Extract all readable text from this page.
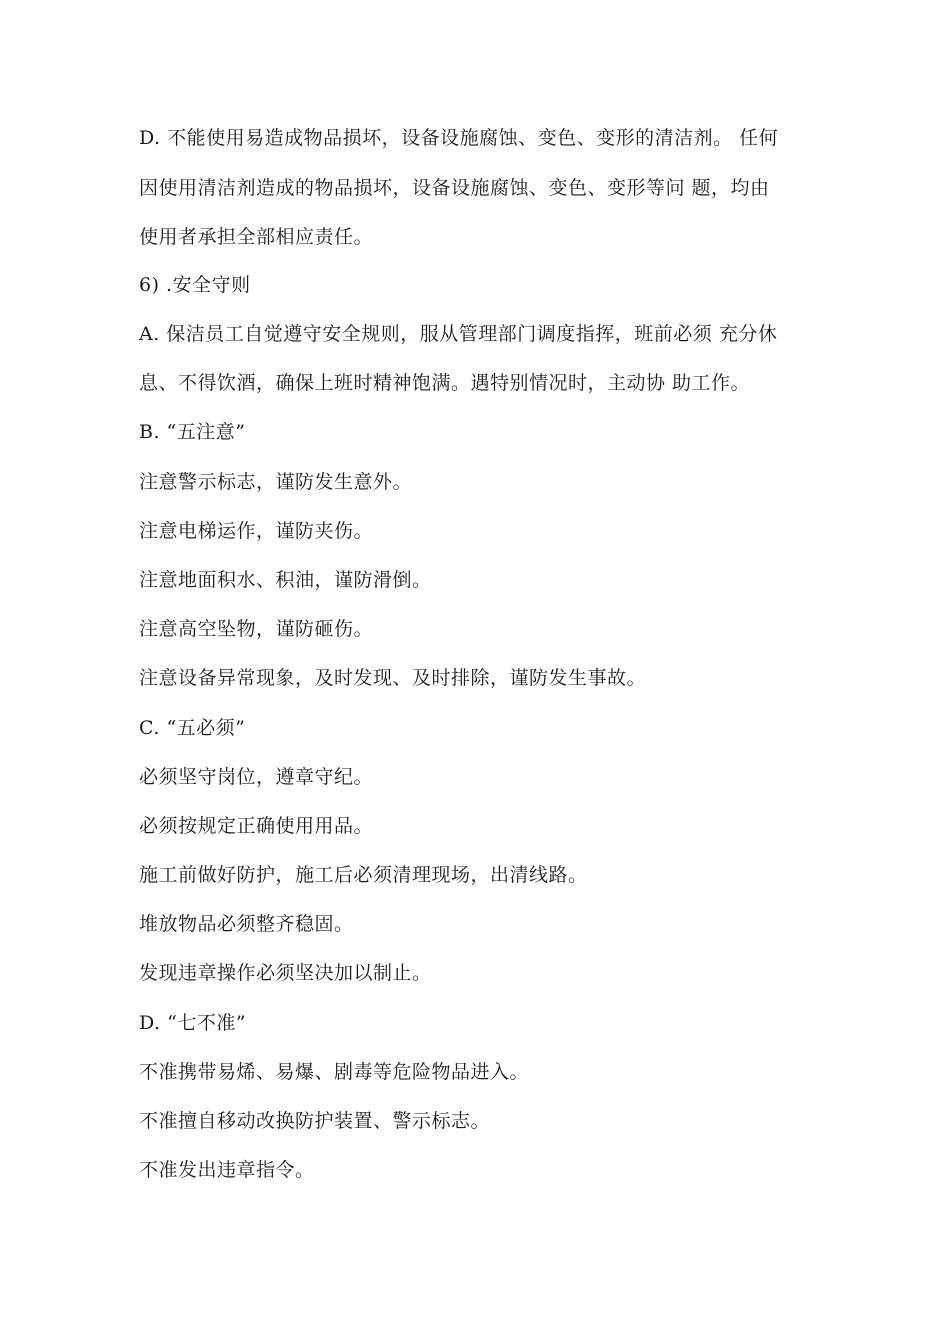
D. 不能使用易造成物品损坏，设备设施腐蚀、变色、变形的清洁剂。 任何
因使用清洁剂造成的物品损坏，设备设施腐蚀、变色、变形等问 题，均由
使用者承担全部相应责任。
6) .安全守则
A. 保洁员工自觉遵守安全规则，服从管理部门调度指挥，班前必须 充分休
息、不得饮酒，确保上班时精神饱满。遇特别情况时，主动协 助工作。
B. “五注意”
注意警示标志，谨防发生意外。
注意电梯运作，谨防夹伤。
注意地面积水、积油，谨防滑倒。
注意高空坠物，谨防砸伤。
注意设备异常现象，及时发现、及时排除，谨防发生事故。
C. “五必须”
必须坚守岗位，遵章守纪。
必须按规定正确使用用品。
施工前做好防护，施工后必须清理现场，出清线路。
堆放物品必须整齐稳固。
发现违章操作必须坚决加以制止。
D. “七不准”
不准携带易烯、易爆、剧毒等危险物品进入。
不准擅自移动改换防护装置、警示标志。
不准发出违章指令。
